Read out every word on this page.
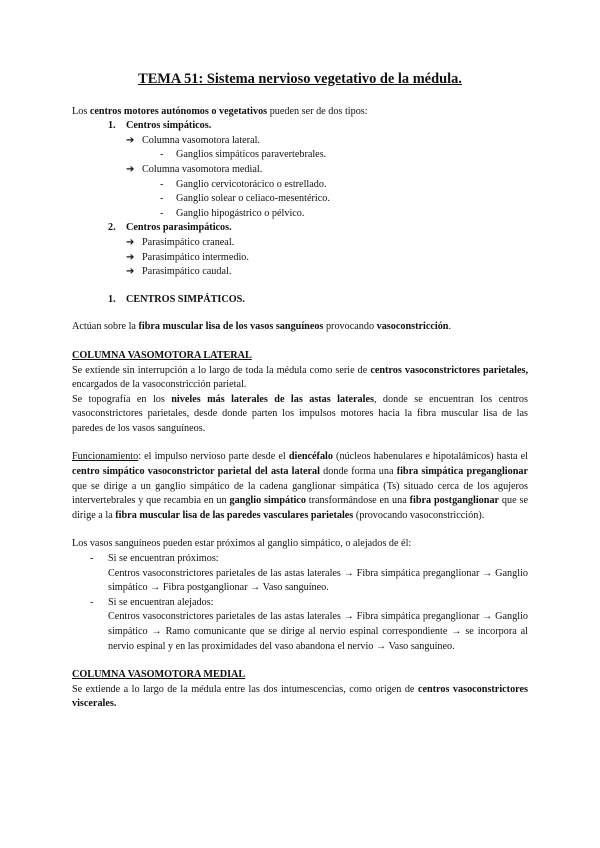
TEMA 51: Sistema nervioso vegetativo de la médula.

Los centros motores autónomos o vegetativos pueden ser de dos tipos:

1. Centros simpáticos.
➔ Columna vasomotora lateral.
- Ganglios simpáticos paravertebrales.
➔ Columna vasomotora medial.
- Ganglio cervicotorácico o estrellado.
- Ganglio solear o celiaco-mesentérico.
- Ganglio hipogástrico o pélvico.
2. Centros parasimpáticos.
➔ Parasimpático craneal.
➔ Parasimpático intermedio.
➔ Parasimpático caudal.
1. CENTROS SIMPÁTICOS.

Actúan sobre la fibra muscular lisa de los vasos sanguíneos provocando vasoconstricción.

COLUMNA VASOMOTORA LATERAL

Se extiende sin interrupción a lo largo de toda la médula como serie de centros vasoconstrictores parietales, encargados de la vasoconstricción parietal.

Se topografía en los niveles más laterales de las astas laterales, donde se encuentran los centros vasoconstrictores parietales, desde donde parten los impulsos motores hacia la fibra muscular lisa de las paredes de los vasos sanguíneos.

Funcionamiento: el impulso nervioso parte desde el diencéfalo (núcleos habenulares e hipotalámicos) hasta el centro simpático vasoconstrictor parietal del asta lateral donde forma una fibra simpática preganglionar que se dirige a un ganglio simpático de la cadena ganglionar simpática (Ts) situado cerca de los agujeros intervertebrales y que recambia en un ganglio simpático transformándose en una fibra postganglionar que se dirige a la fibra muscular lisa de las paredes vasculares parietales (provocando vasoconstricción).

Los vasos sanguíneos pueden estar próximos al ganglio simpático, o alejados de él:

- Si se encuentran próximos:

Centros vasoconstrictores parietales de las astas laterales → Fibra simpática preganglionar → Ganglio simpático → Fibra postganglionar → Vaso sanguíneo.

- Si se encuentran alejados:

Centros vasoconstrictores parietales de las astas laterales → Fibra simpática preganglionar → Ganglio simpático → Ramo comunicante que se dirige al nervio espinal correspondiente → se incorpora al nervio espinal y en las proximidades del vaso abandona el nervio → Vaso sanguíneo.

COLUMNA VASOMOTORA MEDIAL

Se extiende a lo largo de la médula entre las dos intumescencias, como origen de centros vasoconstrictores viscerales.
